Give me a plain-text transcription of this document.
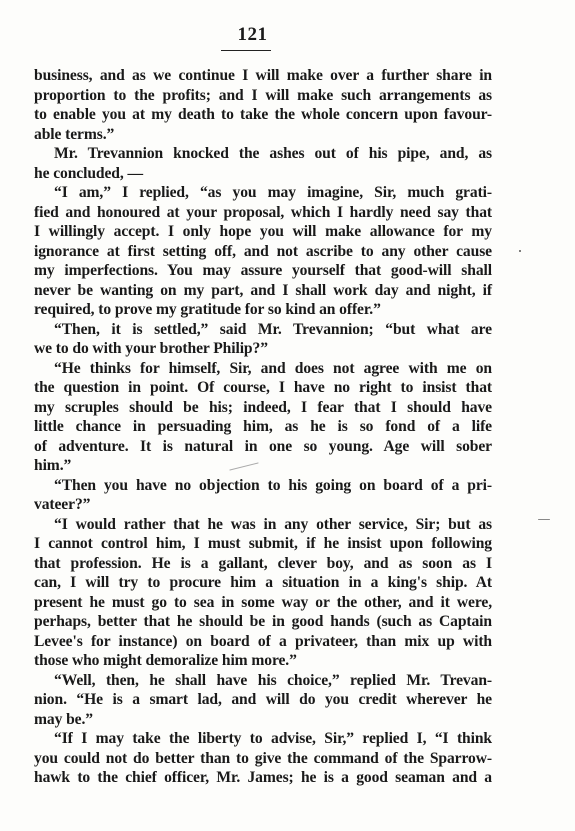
121
business, and as we continue I will make over a further share in
proportion to the profits; and I will make such arrangements as
to enable you at my death to take the whole concern upon favour-
able terms.”
Mr. Trevannion knocked the ashes out of his pipe, and, as
he concluded, —
“I am,” I replied, “as you may imagine, Sir, much grati-
fied and honoured at your proposal, which I hardly need say that
I willingly accept. I only hope you will make allowance for my
ignorance at first setting off, and not ascribe to any other cause
my imperfections. You may assure yourself that good-will shall
never be wanting on my part, and I shall work day and night, if
required, to prove my gratitude for so kind an offer.”
“Then, it is settled,” said Mr. Trevannion; “but what are
we to do with your brother Philip?”
“He thinks for himself, Sir, and does not agree with me on
the question in point. Of course, I have no right to insist that
my scruples should be his; indeed, I fear that I should have
little chance in persuading him, as he is so fond of a life
of adventure. It is natural in one so young. Age will sober
him.”
“Then you have no objection to his going on board of a pri-
vateer?”
“I would rather that he was in any other service, Sir; but as
I cannot control him, I must submit, if he insist upon following
that profession. He is a gallant, clever boy, and as soon as I
can, I will try to procure him a situation in a king's ship. At
present he must go to sea in some way or the other, and it were,
perhaps, better that he should be in good hands (such as Captain
Levee's for instance) on board of a privateer, than mix up with
those who might demoralize him more.”
“Well, then, he shall have his choice,” replied Mr. Trevan-
nion. “He is a smart lad, and will do you credit wherever he
may be.”
“If I may take the liberty to advise, Sir,” replied I, “I think
you could not do better than to give the command of the Sparrow-
hawk to the chief officer, Mr. James; he is a good seaman and a
